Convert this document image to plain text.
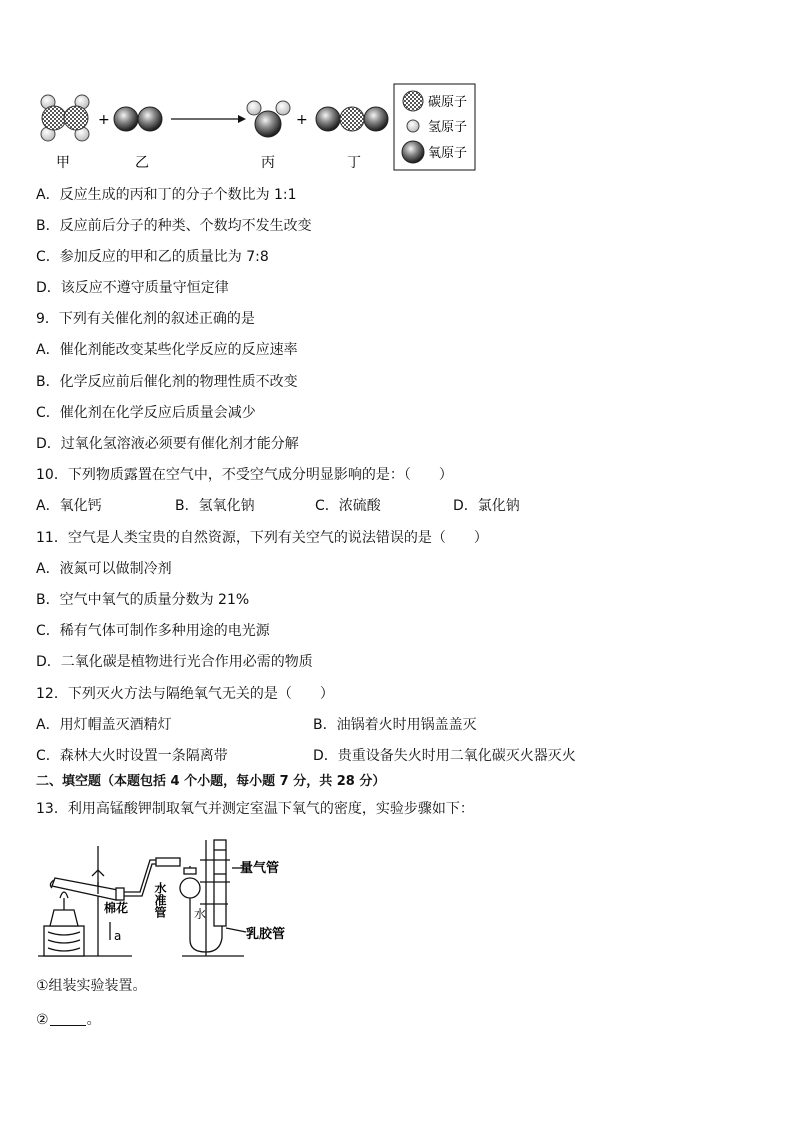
+	+
甲	乙	丙	丁
碳原子
氢原子
氧原子
A．反应生成的丙和丁的分子个数比为 1:1
B．反应前后分子的种类、个数均不发生改变
C．参加反应的甲和乙的质量比为 7:8
D．该反应不遵守质量守恒定律
9．下列有关催化剂的叙述正确的是
A．催化剂能改变某些化学反应的反应速率
B．化学反应前后催化剂的物理性质不改变
C．催化剂在化学反应后质量会减少
D．过氧化氢溶液必须要有催化剂才能分解
10．下列物质露置在空气中，不受空气成分明显影响的是：（　　）
A．氧化钙	B．氢氧化钠	C．浓硫酸	D．氯化钠
11．空气是人类宝贵的自然资源，下列有关空气的说法错误的是（　　）
A．液氮可以做制冷剂
B．空气中氧气的质量分数为 21%
C．稀有气体可制作多种用途的电光源
D．二氧化碳是植物进行光合作用必需的物质
12．下列灭火方法与隔绝氧气无关的是（　　）
A．用灯帽盖灭酒精灯	B．油锅着火时用锅盖盖灭
C．森林大火时设置一条隔离带	D．贵重设备失火时用二氧化碳灭火器灭火
二、填空题（本题包括 4 个小题，每小题 7 分，共 28 分）
13．利用高锰酸钾制取氧气并测定室温下氧气的密度，实验步骤如下：
棉花
a
水准管 水
量气管
乳胶管
①组装实验装置。
②	。
